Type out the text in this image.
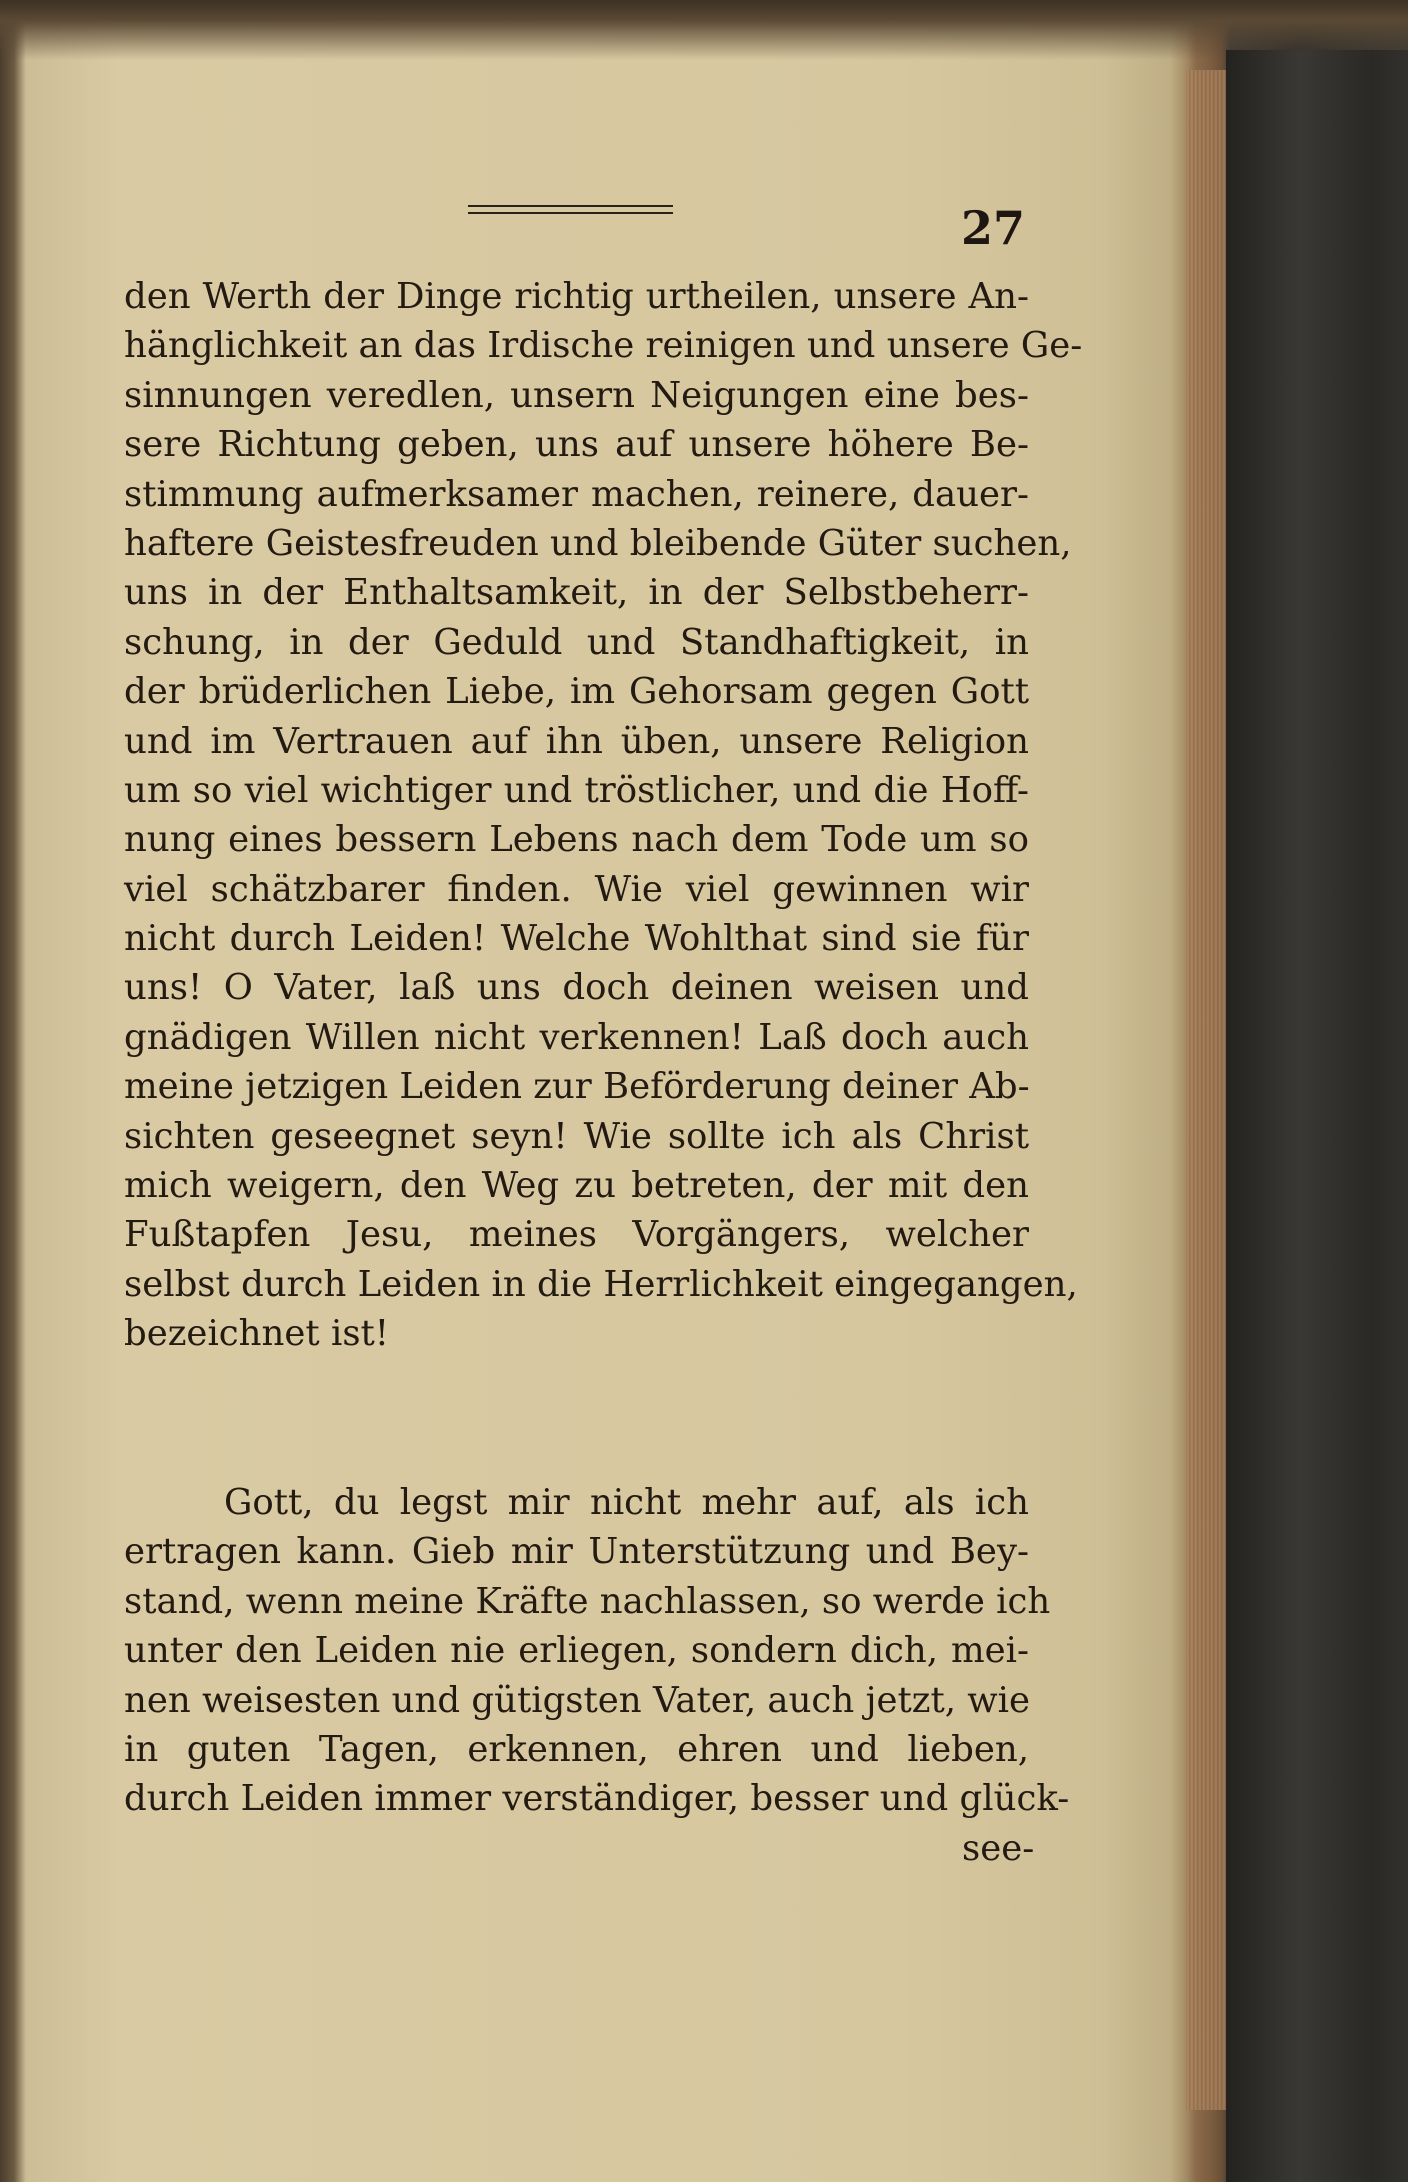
27
den Werth der Dinge richtig urtheilen, unsere An-
hänglichkeit an das Irdische reinigen und unsere Ge-
sinnungen veredlen, unsern Neigungen eine bes-
sere Richtung geben, uns auf unsere höhere Be-
stimmung aufmerksamer machen, reinere, dauer-
haftere Geistesfreuden und bleibende Güter suchen,
uns in der Enthaltsamkeit, in der Selbstbeherr-
schung, in der Geduld und Standhaftigkeit, in
der brüderlichen Liebe, im Gehorsam gegen Gott
und im Vertrauen auf ihn üben, unsere Religion
um so viel wichtiger und tröstlicher, und die Hoff-
nung eines bessern Lebens nach dem Tode um so
viel schätzbarer finden. Wie viel gewinnen wir
nicht durch Leiden! Welche Wohlthat sind sie für
uns! O Vater, laß uns doch deinen weisen und
gnädigen Willen nicht verkennen! Laß doch auch
meine jetzigen Leiden zur Beförderung deiner Ab-
sichten geseegnet seyn! Wie sollte ich als Christ
mich weigern, den Weg zu betreten, der mit den
Fußtapfen Jesu, meines Vorgängers, welcher
selbst durch Leiden in die Herrlichkeit eingegangen,
bezeichnet ist!
Gott, du legst mir nicht mehr auf, als ich
ertragen kann. Gieb mir Unterstützung und Bey-
stand, wenn meine Kräfte nachlassen, so werde ich
unter den Leiden nie erliegen, sondern dich, mei-
nen weisesten und gütigsten Vater, auch jetzt, wie
in guten Tagen, erkennen, ehren und lieben,
durch Leiden immer verständiger, besser und glück-
see-
